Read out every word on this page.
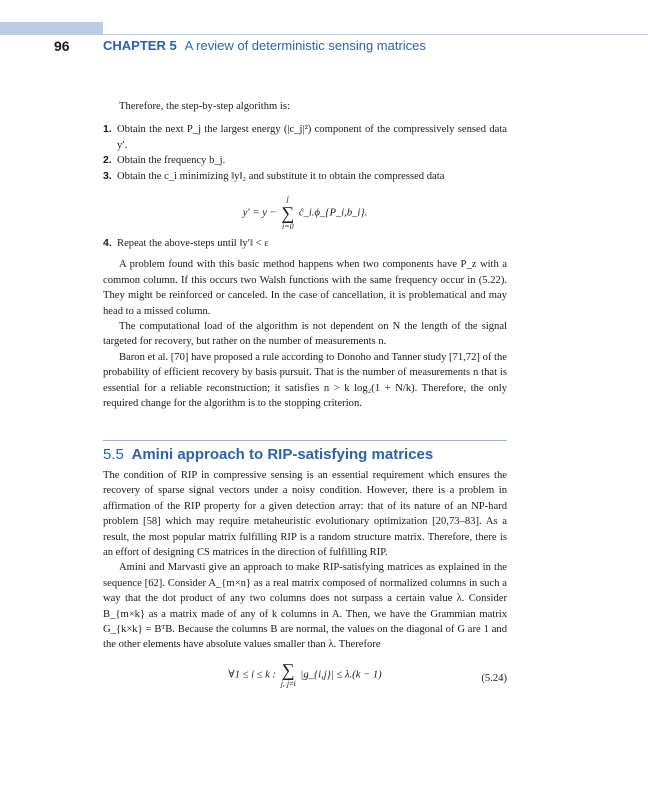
96	CHAPTER 5 A review of deterministic sensing matrices

Therefore, the step-by-step algorithm is:

1. Obtain the next P_j the largest energy (|c_j|²) component of the compressively sensed data y′.
2. Obtain the frequency b_j.
3. Obtain the c_i minimizing ‖y‖₂ and substitute it to obtain the compressed data
y′ = y −
j
∑
i=0
ĉ_i.ϕ_{P_i,b_i}.
4. Repeat the above-steps until ‖y′‖ < ε

A problem found with this basic method happens when two components have P_z with a common column. If this occurs two Walsh functions with the same frequency occur in (5.22). They might be reinforced or canceled. In the case of cancellation, it is problematical and may head to a missed column.

The computational load of the algorithm is not dependent on N the length of the signal targeted for recovery, but rather on the number of measurements n.

Baron et al. [70] have proposed a rule according to Donoho and Tanner study [71,72] of the probability of efficient recovery by basis pursuit. That is the number of measurements n that is essential for a reliable reconstruction; it satisfies n > k log₂(1 + N/k). Therefore, the only required change for the algorithm is to the stopping criterion.

5.5 Amini approach to RIP-satisfying matrices

The condition of RIP in compressive sensing is an essential requirement which ensures the recovery of sparse signal vectors under a noisy condition. However, there is a problem in affirmation of the RIP property for a given detection array: that of its nature of an NP-hard problem [58] which may require metaheuristic evolutionary optimization [20,73–83]. As a result, the most popular matrix fulfilling RIP is a random structure matrix. Therefore, there is an effort of designing CS matrices in the direction of fulfilling RIP.

Amini and Marvasti give an approach to make RIP-satisfying matrices as explained in the sequence [62]. Consider A_{m×n} as a real matrix composed of normalized columns in such a way that the dot product of any two columns does not surpass a certain value λ. Consider B_{m×k} as a matrix made of any of k columns in A. Then, we have the Grammian matrix G_{k×k} = BᵀB. Because the columns B are normal, the values on the diagonal of G are 1 and the other elements have absolute values smaller than λ. Therefore

∀1 ≤ i ≤ k : ∑
j, j≠i
|g_{i,j}| ≤ λ.(k − 1)	(5.24)
